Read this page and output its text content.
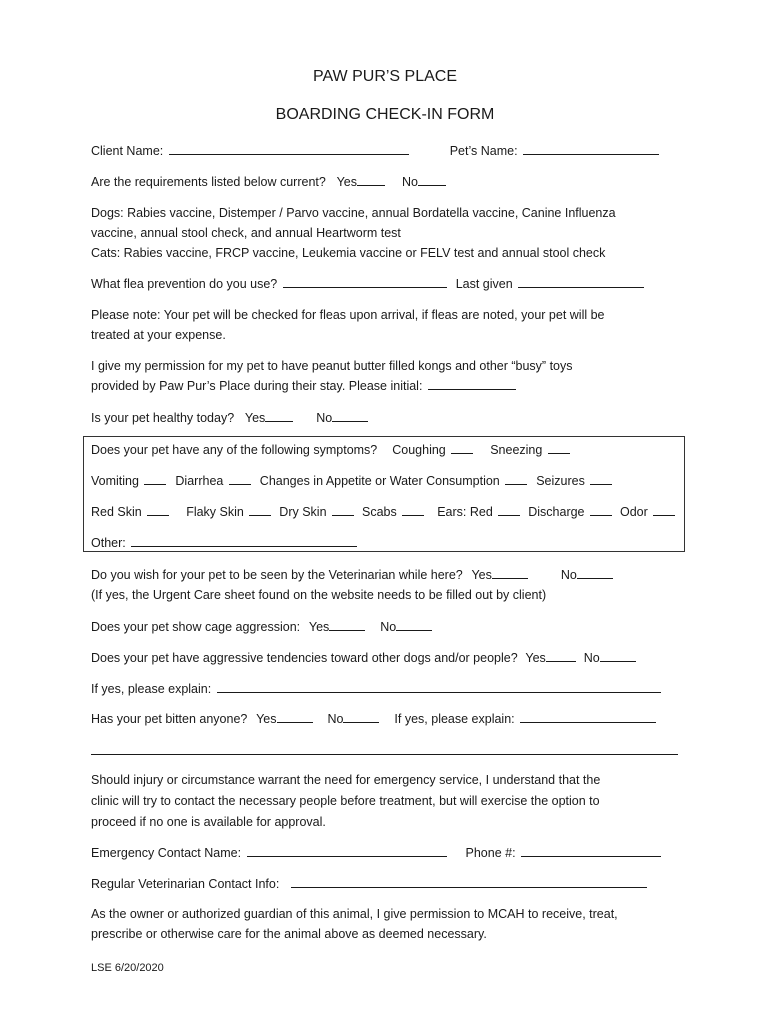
PAW PUR’S PLACE
BOARDING CHECK-IN FORM
Client Name:	Pet’s Name:
Are the requirements listed below current? Yes	No
Dogs: Rabies vaccine, Distemper / Parvo vaccine, annual Bordatella vaccine, Canine Influenza
vaccine, annual stool check, and annual Heartworm test
Cats: Rabies vaccine, FRCP vaccine, Leukemia vaccine or FELV test and annual stool check
What flea prevention do you use?	Last given
Please note: Your pet will be checked for fleas upon arrival, if fleas are noted, your pet will be
treated at your expense.
I give my permission for my pet to have peanut butter filled kongs and other “busy” toys
provided by Paw Pur’s Place during their stay. Please initial:
Is your pet healthy today? Yes	No
Does your pet have any of the following symptoms? Coughing	Sneezing
Vomiting	Diarrhea	Changes in Appetite or Water Consumption	Seizures
Red Skin	Flaky Skin	Dry Skin	Scabs	Ears: Red	Discharge	Odor
Other:
Do you wish for your pet to be seen by the Veterinarian while here? Yes	No
(If yes, the Urgent Care sheet found on the website needs to be filled out by client)
Does your pet show cage aggression: Yes	No
Does your pet have aggressive tendencies toward other dogs and/or people? Yes	No
If yes, please explain:
Has your pet bitten anyone? Yes	No	If yes, please explain:
Should injury or circumstance warrant the need for emergency service, I understand that the
clinic will try to contact the necessary people before treatment, but will exercise the option to
proceed if no one is available for approval.
Emergency Contact Name:	Phone #:
Regular Veterinarian Contact Info:
As the owner or authorized guardian of this animal, I give permission to MCAH to receive, treat,
prescribe or otherwise care for the animal above as deemed necessary.
LSE 6/20/2020
